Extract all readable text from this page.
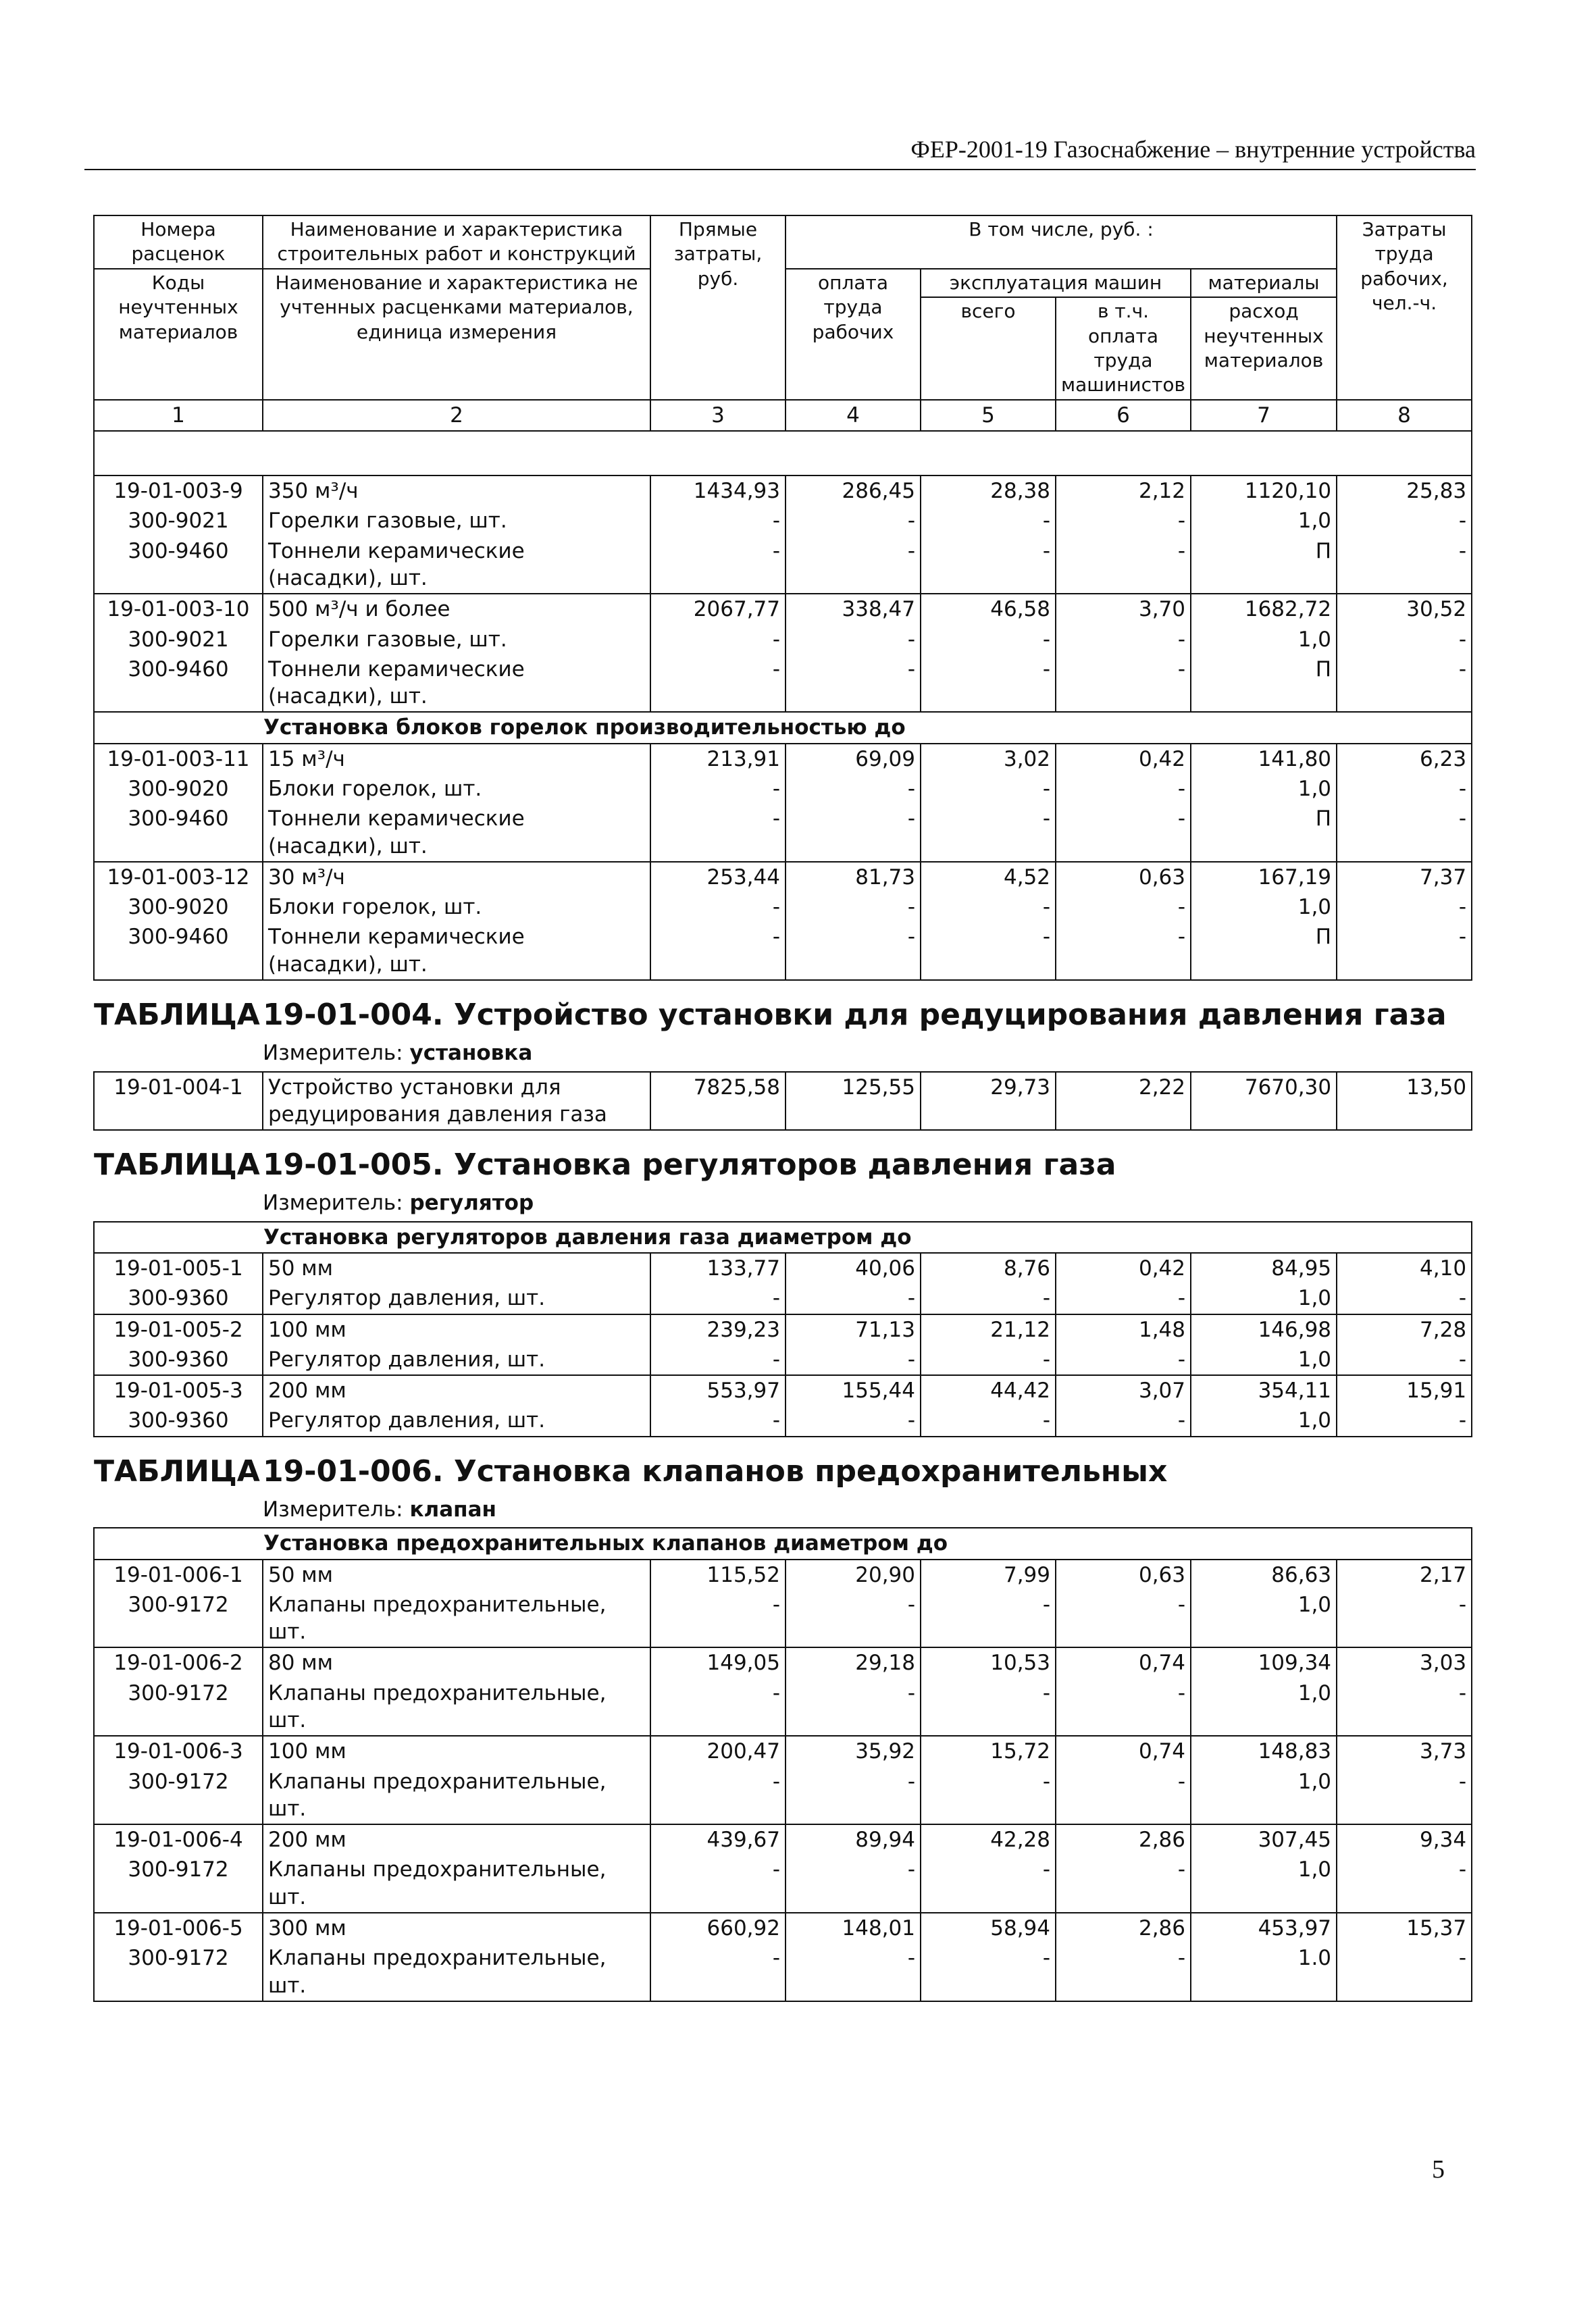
ФЕР-2001-19 Газоснабжение – внутренние устройства
Номера расценок	Наименование и характеристика строительных работ и конструкций	Прямые затраты, руб.	В том числе, руб. :				Затраты труда рабочих, чел.-ч.
Коды неучтенных материалов	Наименование и характеристика не учтенных расценками материалов, единица измерения		оплата труда рабочих	эксплуатация машин		материалы	
				всего	в т.ч. оплата труда машинистов	расход неучтенных материалов	
1	2	3	4	5	6	7	8

19-01-003-9	350 м³/ч	1434,93	286,45	28,38	2,12	1120,10	25,83
300-9021	Горелки газовые, шт.	-	-	-	-	1,0	-
300-9460	Тоннели керамические (насадки), шт.	-	-	-	-	П	-
19-01-003-10	500 м³/ч и более	2067,77	338,47	46,58	3,70	1682,72	30,52
300-9021	Горелки газовые, шт.	-	-	-	-	1,0	-
300-9460	Тоннели керамические (насадки), шт.	-	-	-	-	П	-
Установка блоков горелок производительностью до							
19-01-003-11	15 м³/ч	213,91	69,09	3,02	0,42	141,80	6,23
300-9020	Блоки горелок, шт.	-	-	-	-	1,0	-
300-9460	Тоннели керамические (насадки), шт.	-	-	-	-	П	-
19-01-003-12	30 м³/ч	253,44	81,73	4,52	0,63	167,19	7,37
300-9020	Блоки горелок, шт.	-	-	-	-	1,0	-
300-9460	Тоннели керамические (насадки), шт.	-	-	-	-	П	-
ТАБЛИЦА19-01-004. Устройство установки для редуцирования давления газа							
Измеритель: установка							
19-01-004-1	Устройство установки для редуцирования давления газа	7825,58	125,55	29,73	2,22	7670,30	13,50
ТАБЛИЦА19-01-005. Установка регуляторов давления газа							
Измеритель: регулятор							
Установка регуляторов давления газа диаметром до							
19-01-005-1	50 мм	133,77	40,06	8,76	0,42	84,95	4,10
300-9360	Регулятор давления, шт.	-	-	-	-	1,0	-
19-01-005-2	100 мм	239,23	71,13	21,12	1,48	146,98	7,28
300-9360	Регулятор давления, шт.	-	-	-	-	1,0	-
19-01-005-3	200 мм	553,97	155,44	44,42	3,07	354,11	15,91
300-9360	Регулятор давления, шт.	-	-	-	-	1,0	-
ТАБЛИЦА19-01-006. Установка клапанов предохранительных							
Измеритель: клапан							
Установка предохранительных клапанов диаметром до							
19-01-006-1	50 мм	115,52	20,90	7,99	0,63	86,63	2,17
300-9172	Клапаны предохранительные, шт.	-	-	-	-	1,0	-
19-01-006-2	80 мм	149,05	29,18	10,53	0,74	109,34	3,03
300-9172	Клапаны предохранительные, шт.	-	-	-	-	1,0	-
19-01-006-3	100 мм	200,47	35,92	15,72	0,74	148,83	3,73
300-9172	Клапаны предохранительные, шт.	-	-	-	-	1,0	-
19-01-006-4	200 мм	439,67	89,94	42,28	2,86	307,45	9,34
300-9172	Клапаны предохранительные, шт.	-	-	-	-	1,0	-
19-01-006-5	300 мм	660,92	148,01	58,94	2,86	453,97	15,37
300-9172	Клапаны предохранительные, шт.	-	-	-	-	1.0	-

5
